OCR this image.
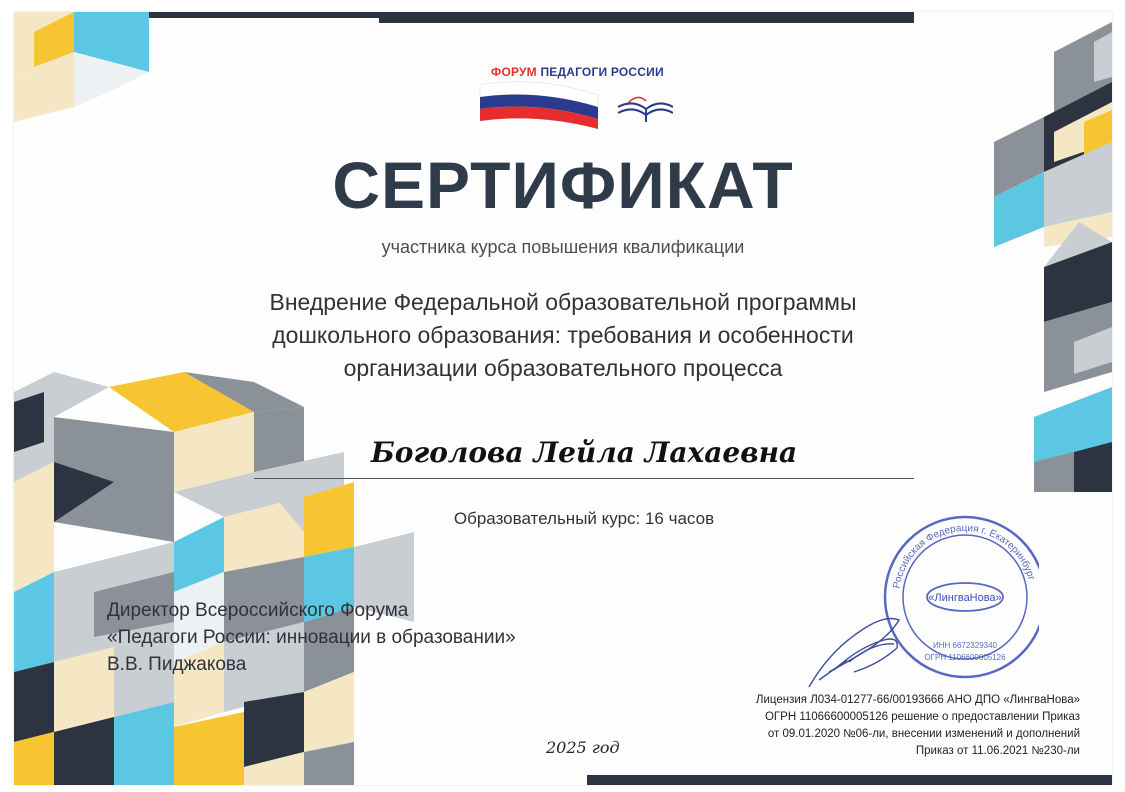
ФОРУМ ПЕДАГОГИ РОССИИ
СЕРТИФИКАТ
участника курса повышения квалификации
Внедрение Федеральной образовательной программы
дошкольного образования: требования и особенности
организации образовательного процесса
Боголова Лейла Лахаевна
Образовательный курс: 16 часов
Директор Всероссийского Форума
«Педагоги России: инновации в образовании»
В.В. Пиджакова
«ЛингваНова»
Российская Федерация г. Екатеринбург
ИНН 6672329340
ОГРН 1106600005126
2025 год
Лицензия Л034-01277-66/00193666 АНО ДПО «ЛингваНова»
ОГРН 11066600005126 решение о предоставлении Приказ
от 09.01.2020 №06-ли, внесении изменений и дополнений
Приказ от 11.06.2021 №230-ли
